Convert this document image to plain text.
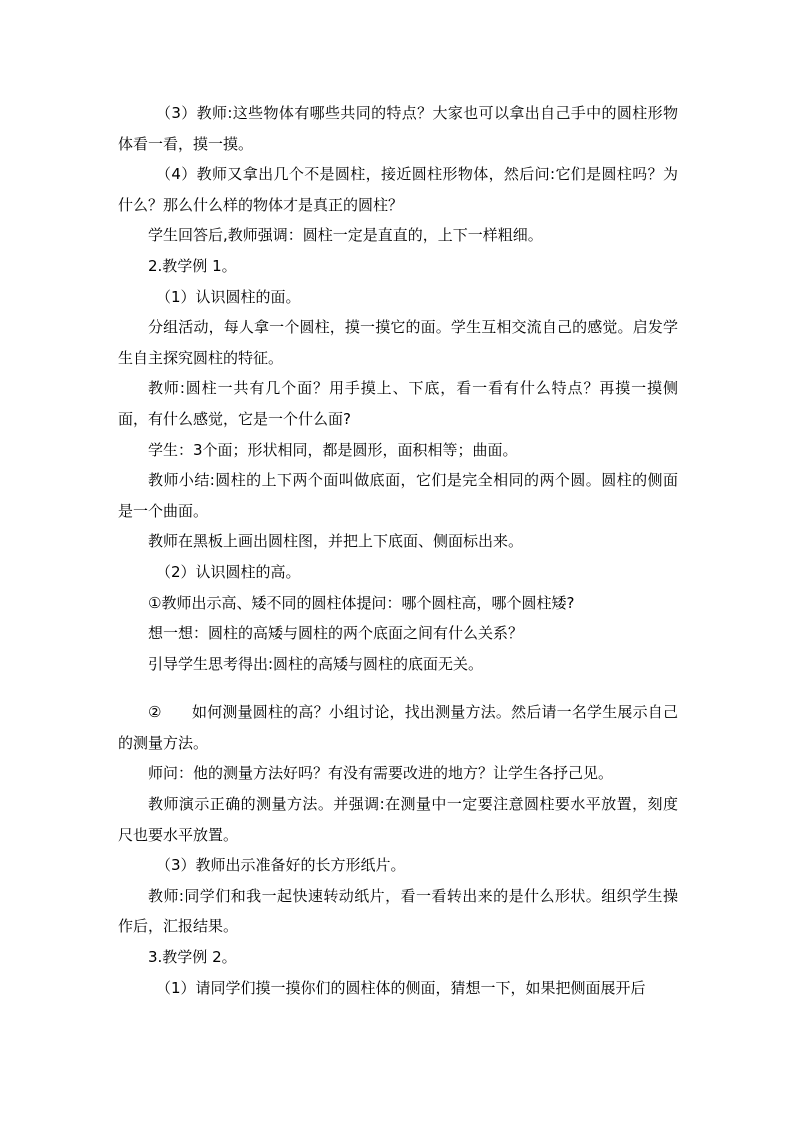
（3）教师:这些物体有哪些共同的特点？大家也可以拿出自己手中的圆柱形物体看一看，摸一摸。

（4）教师又拿出几个不是圆柱，接近圆柱形物体，然后问:它们是圆柱吗？为什么？那么什么样的物体才是真正的圆柱？

学生回答后,教师强调：圆柱一定是直直的，上下一样粗细。

2.教学例 1。

（1）认识圆柱的面。

分组活动，每人拿一个圆柱，摸一摸它的面。学生互相交流自己的感觉。启发学生自主探究圆柱的特征。

教师:圆柱一共有几个面？用手摸上、下底，看一看有什么特点？再摸一摸侧面，有什么感觉，它是一个什么面?

学生：3个面；形状相同，都是圆形，面积相等；曲面。

教师小结:圆柱的上下两个面叫做底面，它们是完全相同的两个圆。圆柱的侧面是一个曲面。

教师在黑板上画出圆柱图，并把上下底面、侧面标出来。

（2）认识圆柱的高。

①教师出示高、矮不同的圆柱体提问：哪个圆柱高，哪个圆柱矮?

想一想：圆柱的高矮与圆柱的两个底面之间有什么关系？

引导学生思考得出:圆柱的高矮与圆柱的底面无关。

②　　如何测量圆柱的高？小组讨论，找出测量方法。然后请一名学生展示自己的测量方法。

师问：他的测量方法好吗？有没有需要改进的地方？让学生各抒己见。

教师演示正确的测量方法。并强调:在测量中一定要注意圆柱要水平放置，刻度尺也要水平放置。

（3）教师出示准备好的长方形纸片。

教师:同学们和我一起快速转动纸片，看一看转出来的是什么形状。组织学生操作后，汇报结果。

3.教学例 2。

（1）请同学们摸一摸你们的圆柱体的侧面，猜想一下，如果把侧面展开后
